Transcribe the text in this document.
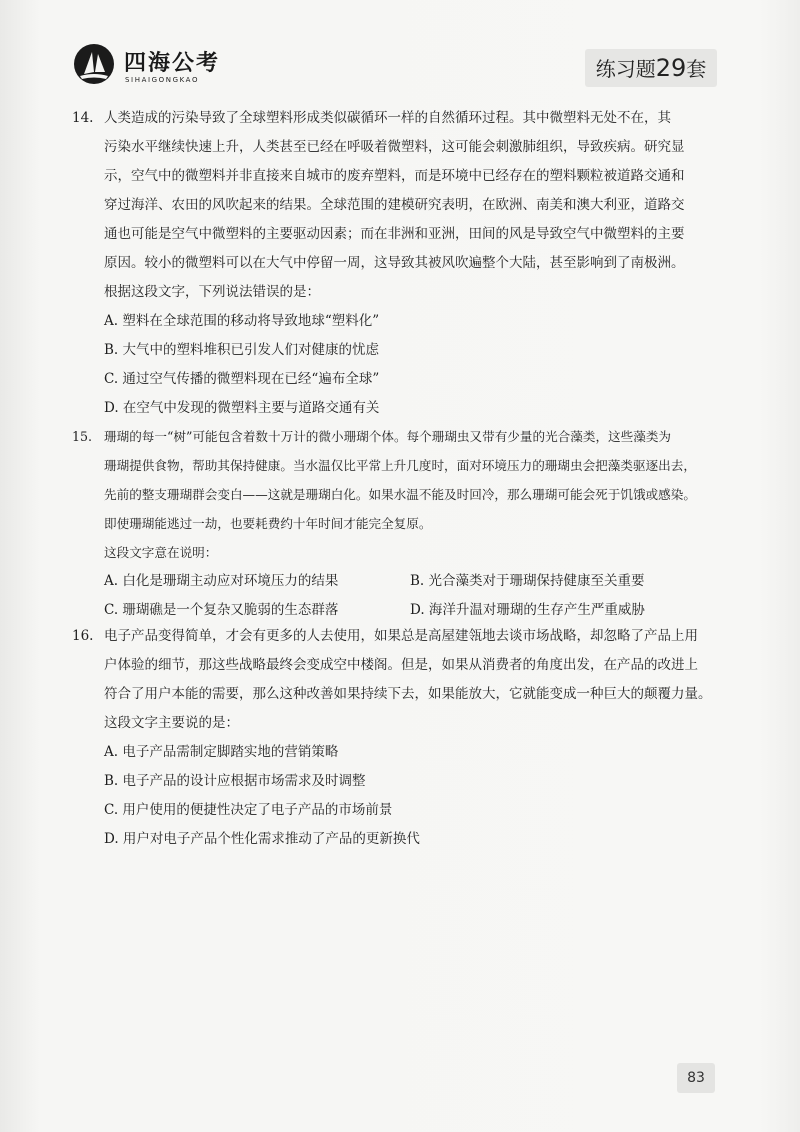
四海公考
SIHAIGONGKAO	练习题29套
14. 人类造成的污染导致了全球塑料形成类似碳循环一样的自然循环过程。其中微塑料无处不在，其
污染水平继续快速上升，人类甚至已经在呼吸着微塑料，这可能会刺激肺组织，导致疾病。研究显
示，空气中的微塑料并非直接来自城市的废弃塑料，而是环境中已经存在的塑料颗粒被道路交通和
穿过海洋、农田的风吹起来的结果。全球范围的建模研究表明，在欧洲、南美和澳大利亚，道路交
通也可能是空气中微塑料的主要驱动因素；而在非洲和亚洲，田间的风是导致空气中微塑料的主要
原因。较小的微塑料可以在大气中停留一周，这导致其被风吹遍整个大陆，甚至影响到了南极洲。
根据这段文字，下列说法错误的是：
A. 塑料在全球范围的移动将导致地球“塑料化”
B. 大气中的塑料堆积已引发人们对健康的忧虑
C. 通过空气传播的微塑料现在已经“遍布全球”
D. 在空气中发现的微塑料主要与道路交通有关
15. 珊瑚的每一“树”可能包含着数十万计的微小珊瑚个体。每个珊瑚虫又带有少量的光合藻类，这些藻类为
珊瑚提供食物，帮助其保持健康。当水温仅比平常上升几度时，面对环境压力的珊瑚虫会把藻类驱逐出去，
先前的整支珊瑚群会变白——这就是珊瑚白化。如果水温不能及时回冷，那么珊瑚可能会死于饥饿或感染。
即使珊瑚能逃过一劫，也要耗费约十年时间才能完全复原。
这段文字意在说明：
A. 白化是珊瑚主动应对环境压力的结果	B. 光合藻类对于珊瑚保持健康至关重要
C. 珊瑚礁是一个复杂又脆弱的生态群落	D. 海洋升温对珊瑚的生存产生严重威胁
16. 电子产品变得简单，才会有更多的人去使用，如果总是高屋建瓴地去谈市场战略，却忽略了产品上用
户体验的细节，那这些战略最终会变成空中楼阁。但是，如果从消费者的角度出发，在产品的改进上
符合了用户本能的需要，那么这种改善如果持续下去，如果能放大，它就能变成一种巨大的颠覆力量。
这段文字主要说的是：
A. 电子产品需制定脚踏实地的营销策略
B. 电子产品的设计应根据市场需求及时调整
C. 用户使用的便捷性决定了电子产品的市场前景
D. 用户对电子产品个性化需求推动了产品的更新换代
83
